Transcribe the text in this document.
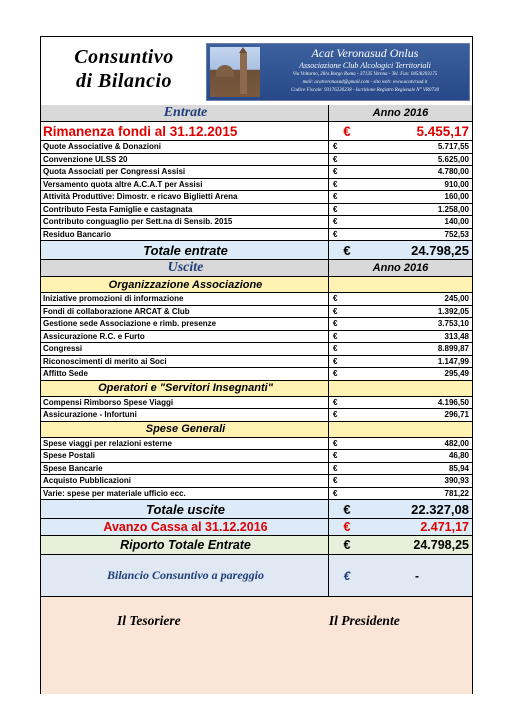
Consuntivo
di Bilancio
Acat Veronasud Onlus
Associazione Club Alcologici Territoriali
Via Volturno, 28/a Borgo Roma - 37135 Verona - Tel. Fax: 045/8203175
mail: acatveronasud@gmail.com - sito web: www.acatvrsud.it
Codice Fiscale: 93176230238 - Iscrizione Registro Regionale N° VR0730
Entrate	Anno 2016
Rimanenza fondi al 31.12.2015	€	5.455,17
Quote Associative & Donazioni	€	5.717,55
Convenzione ULSS 20	€	5.625,00
Quota Associati per Congressi Assisi	€	4.780,00
Versamento quota altre A.C.A.T per Assisi	€	910,00
Attività Produttive: Dimostr. e ricavo Biglietti Arena	€	160,00
Contributo Festa Famiglie e castagnata	€	1.258,00
Contributo conguaglio per Sett.na di Sensib. 2015	€	140,00
Residuo Bancario	€	752,53
Totale entrate	€	24.798,25
Uscite	Anno 2016
Organizzazione Associazione
Iniziative promozioni di informazione	€	245,00
Fondi di collaborazione ARCAT & Club	€	1.392,05
Gestione sede Associazione e rimb. presenze	€	3.753,10
Assicurazione R.C. e Furto	€	313,48
Congressi	€	8.899,87
Riconoscimenti di merito ai Soci	€	1.147,99
Affitto Sede	€	295,49
Operatori e "Servitori Insegnanti"
Compensi Rimborso Spese Viaggi	€	4.196,50
Assicurazione - Infortuni	€	296,71
Spese Generali
Spese viaggi per relazioni esterne	€	482,00
Spese Postali	€	46,80
Spese Bancarie	€	85,94
Acquisto Pubblicazioni	€	390,93
Varie: spese per materiale ufficio ecc.	€	781,22
Totale uscite	€	22.327,08
Avanzo Cassa al 31.12.2016	€	2.471,17
Riporto Totale Entrate	€	24.798,25
Bilancio Consuntivo a pareggio	€	-
Il Tesoriere	Il Presidente
